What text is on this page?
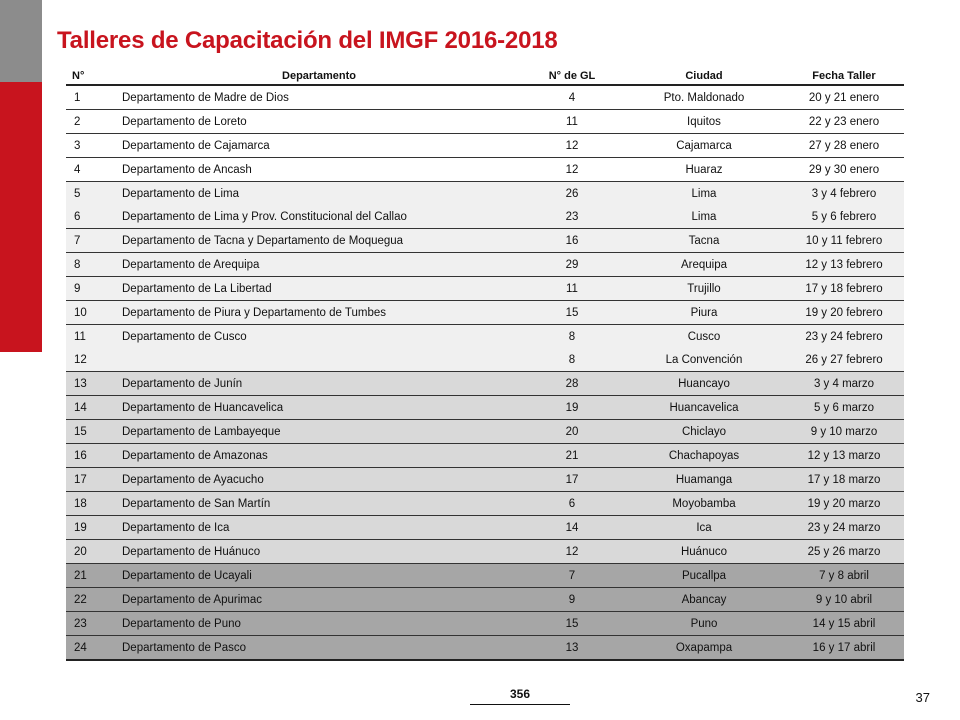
Talleres de Capacitación del IMGF 2016-2018
N°	Departamento	N° de GL	Ciudad	Fecha Taller
1	Departamento de Madre de Dios	4	Pto. Maldonado	20 y 21 enero
2	Departamento de Loreto	11	Iquitos	22 y 23 enero
3	Departamento de Cajamarca	12	Cajamarca	27 y 28 enero
4	Departamento de Ancash	12	Huaraz	29 y 30 enero
5	Departamento de Lima	26	Lima	3 y 4 febrero
6	Departamento de Lima y Prov. Constitucional del Callao	23	Lima	5 y 6 febrero
7	Departamento de Tacna y Departamento de Moquegua	16	Tacna	10 y 11 febrero
8	Departamento de Arequipa	29	Arequipa	12 y 13 febrero
9	Departamento de La Libertad	11	Trujillo	17 y 18 febrero
10	Departamento de Piura y Departamento de Tumbes	15	Piura	19 y 20 febrero
11	Departamento de Cusco	8	Cusco	23 y 24 febrero
12		8	La Convención	26 y 27 febrero
13	Departamento de Junín	28	Huancayo	3 y 4 marzo
14	Departamento de Huancavelica	19	Huancavelica	5 y 6 marzo
15	Departamento de Lambayeque	20	Chiclayo	9 y 10 marzo
16	Departamento de Amazonas	21	Chachapoyas	12 y 13 marzo
17	Departamento de Ayacucho	17	Huamanga	17 y 18 marzo
18	Departamento de San Martín	6	Moyobamba	19 y 20 marzo
19	Departamento de Ica	14	Ica	23 y 24 marzo
20	Departamento de Huánuco	12	Huánuco	25 y 26 marzo
21	Departamento de Ucayali	7	Pucallpa	7 y 8 abril
22	Departamento de Apurimac	9	Abancay	9 y 10 abril
23	Departamento de Puno	15	Puno	14 y 15 abril
24	Departamento de Pasco	13	Oxapampa	16 y 17 abril
356	37
